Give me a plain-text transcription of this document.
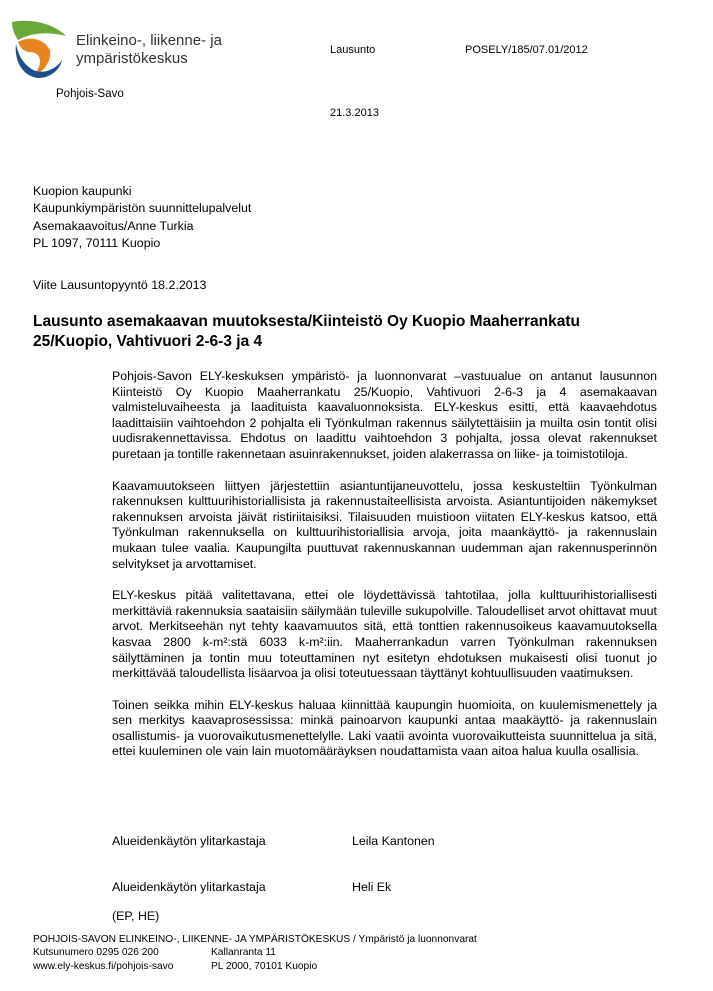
Elinkeino-, liikenne- ja
ympäristökeskus
Pohjois-Savo
Lausunto	POSELY/185/07.01/2012
21.3.2013
Kuopion kaupunki
Kaupunkiympäristön suunnittelupalvelut
Asemakaavoitus/Anne Turkia
PL 1097, 70111 Kuopio
Viite Lausuntopyyntö 18.2.2013
Lausunto asemakaavan muutoksesta/Kiinteistö Oy Kuopio Maaherrankatu 25/Kuopio, Vahtivuori 2-6-3 ja 4

Pohjois-Savon ELY-keskuksen ympäristö- ja luonnonvarat –vastuualue on antanut lausunnon Kiinteistö Oy Kuopio Maaherrankatu 25/Kuopio, Vahtivuori 2-6-3 ja 4 asemakaavan valmisteluvaiheesta ja laadituista kaavaluonnoksista. ELY-keskus esitti, että kaavaehdotus laadittaisiin vaihtoehdon 2 pohjalta eli Työnkulman rakennus säilytettäisiin ja muilta osin tontit olisi uudisrakennettavissa. Ehdotus on laadittu vaihtoehdon 3 pohjalta, jossa olevat rakennukset puretaan ja tontille rakennetaan asuinrakennukset, joiden alakerrassa on liike- ja toimistotiloja.

Kaavamuutokseen liittyen järjestettiin asiantuntijaneuvottelu, jossa keskusteltiin Työnkulman rakennuksen kulttuurihistoriallisista ja rakennustaiteellisista arvoista. Asiantuntijoiden näkemykset rakennuksen arvoista jäivät ristiriitaisiksi. Tilaisuuden muistioon viitaten ELY-keskus katsoo, että Työnkulman rakennuksella on kulttuurihistoriallisia arvoja, joita maankäyttö- ja rakennuslain mukaan tulee vaalia. Kaupungilta puuttuvat rakennuskannan uudemman ajan rakennusperinnön selvitykset ja arvottamiset.

ELY-keskus pitää valitettavana, ettei ole löydettävissä tahtotilaa, jolla kulttuurihistoriallisesti merkittäviä rakennuksia saataisiin säilymään tuleville sukupolville. Taloudelliset arvot ohittavat muut arvot. Merkitseehän nyt tehty kaavamuutos sitä, että tonttien rakennusoikeus kaavamuutoksella kasvaa 2800 k-m²:stä 6033 k-m²:iin. Maaherrankadun varren Työnkulman rakennuksen säilyttäminen ja tontin muu toteuttaminen nyt esitetyn ehdotuksen mukaisesti olisi tuonut jo merkittävää taloudellista lisäarvoa ja olisi toteutuessaan täyttänyt kohtuullisuuden vaatimuksen.

Toinen seikka mihin ELY-keskus haluaa kiinnittää kaupungin huomioita, on kuulemismenettely ja sen merkitys kaavaprosessissa: minkä painoarvon kaupunki antaa maakäyttö- ja rakennuslain osallistumis- ja vuorovaikutusmenettelylle. Laki vaatii avointa vuorovaikutteista suunnittelua ja sitä, ettei kuuleminen ole vain lain muotomääräyksen noudattamista vaan aitoa halua kuulla osallisia.

Alueidenkäytön ylitarkastaja	Leila Kantonen
Alueidenkäytön ylitarkastaja	Heli Ek
(EP, HE)
POHJOIS-SAVON ELINKEINO-, LIIKENNE- JA YMPÄRISTÖKESKUS / Ympäristö ja luonnonvarat
Kutsunumero 0295 026 200	Kallanranta 11
www.ely-keskus.fi/pohjois-savo	PL 2000, 70101 Kuopio
